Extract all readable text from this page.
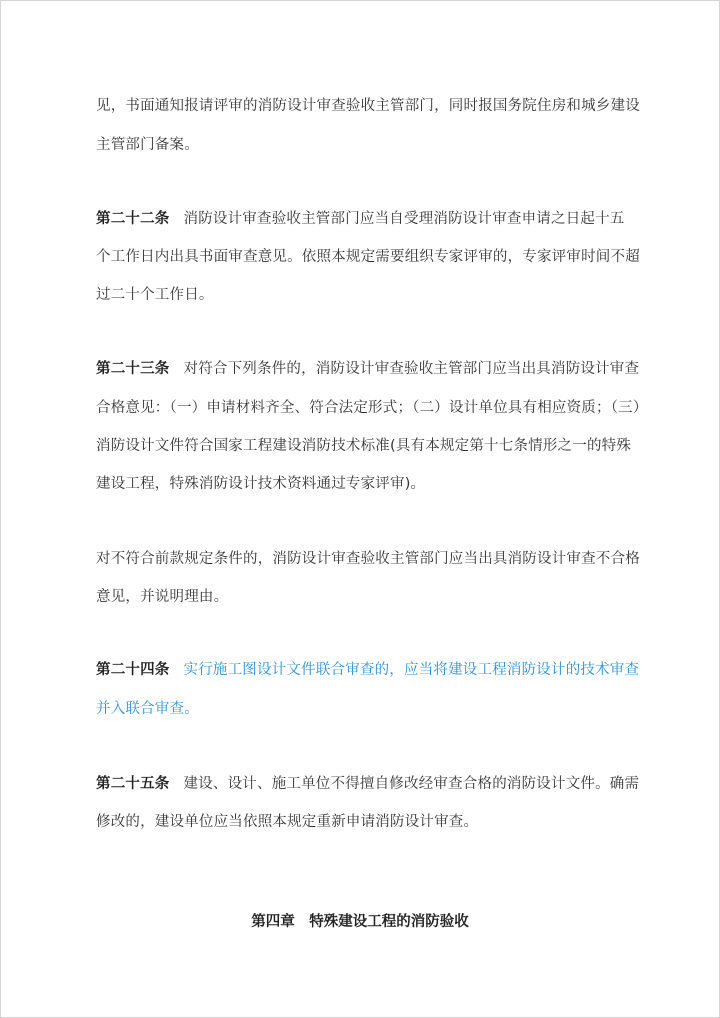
见，书面通知报请评审的消防设计审查验收主管部门，同时报国务院住房和城乡建设
主管部门备案。
第二十二条 消防设计审查验收主管部门应当自受理消防设计审查申请之日起十五
个工作日内出具书面审查意见。依照本规定需要组织专家评审的，专家评审时间不超
过二十个工作日。
第二十三条 对符合下列条件的，消防设计审查验收主管部门应当出具消防设计审查
合格意见：（一）申请材料齐全、符合法定形式；（二）设计单位具有相应资质；（三）
消防设计文件符合国家工程建设消防技术标准(具有本规定第十七条情形之一的特殊
建设工程，特殊消防设计技术资料通过专家评审)。
对不符合前款规定条件的，消防设计审查验收主管部门应当出具消防设计审查不合格
意见，并说明理由。
第二十四条 实行施工图设计文件联合审查的，应当将建设工程消防设计的技术审查
并入联合审查。
第二十五条 建设、设计、施工单位不得擅自修改经审查合格的消防设计文件。确需
修改的，建设单位应当依照本规定重新申请消防设计审查。
第四章　特殊建设工程的消防验收
